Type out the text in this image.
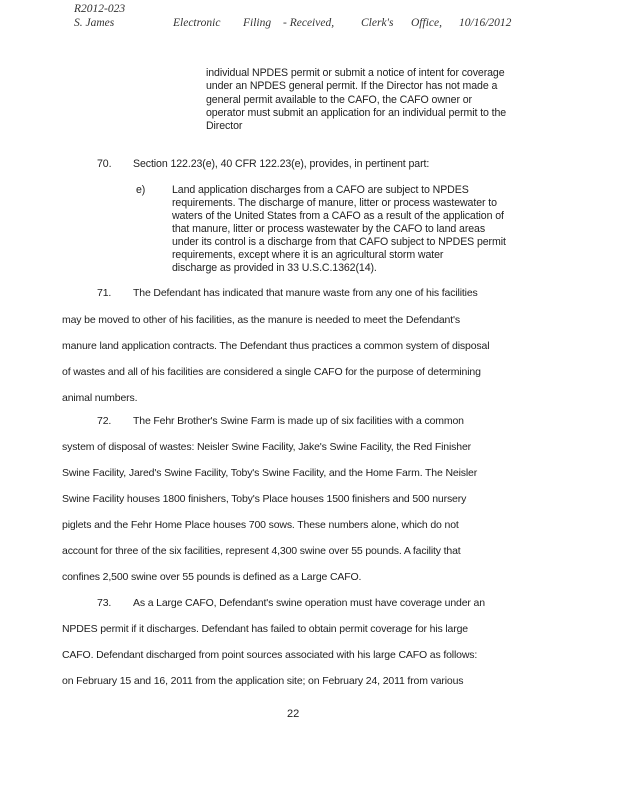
R2012-023
S. James	Electronic Filing - Received, Clerk's Office, 10/16/2012
individual NPDES permit or submit a notice of intent for coverage
under an NPDES general permit. If the Director has not made a
general permit available to the CAFO, the CAFO owner or
operator must submit an application for an individual permit to the
Director
70. Section 122.23(e), 40 CFR 122.23(e), provides, in pertinent part:
e)	Land application discharges from a CAFO are subject to NPDES
requirements. The discharge of manure, litter or process wastewater to
waters of the United States from a CAFO as a result of the application of
that manure, litter or process wastewater by the CAFO to land areas
under its control is a discharge from that CAFO subject to NPDES permit
requirements, except where it is an agricultural storm water
discharge as provided in 33 U.S.C.1362(14).
71. The Defendant has indicated that manure waste from any one of his facilities
may be moved to other of his facilities, as the manure is needed to meet the Defendant's
manure land application contracts. The Defendant thus practices a common system of disposal
of wastes and all of his facilities are considered a single CAFO for the purpose of determining
animal numbers.
72. The Fehr Brother's Swine Farm is made up of six facilities with a common
system of disposal of wastes: Neisler Swine Facility, Jake's Swine Facility, the Red Finisher
Swine Facility, Jared's Swine Facility, Toby's Swine Facility, and the Home Farm. The Neisler
Swine Facility houses 1800 finishers, Toby's Place houses 1500 finishers and 500 nursery
piglets and the Fehr Home Place houses 700 sows. These numbers alone, which do not
account for three of the six facilities, represent 4,300 swine over 55 pounds. A facility that
confines 2,500 swine over 55 pounds is defined as a Large CAFO.
73. As a Large CAFO, Defendant's swine operation must have coverage under an
NPDES permit if it discharges. Defendant has failed to obtain permit coverage for his large
CAFO. Defendant discharged from point sources associated with his large CAFO as follows:
on February 15 and 16, 2011 from the application site; on February 24, 2011 from various
22
